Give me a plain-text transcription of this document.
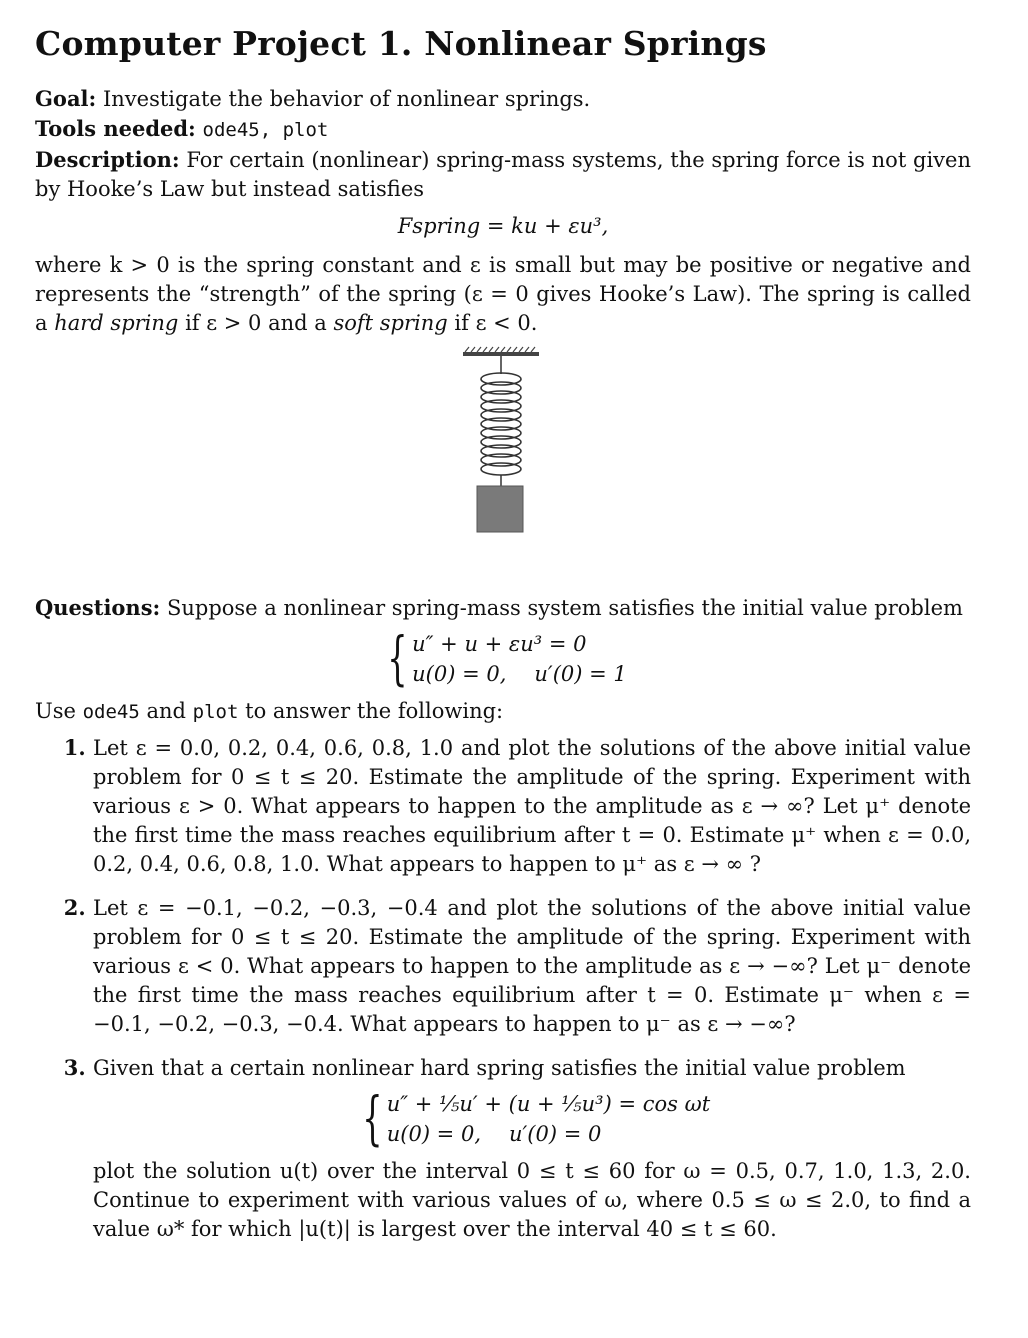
Computer Project 1. Nonlinear Springs

Goal: Investigate the behavior of nonlinear springs.

Tools needed: ode45, plot

Description: For certain (nonlinear) spring-mass systems, the spring force is not given by Hooke’s Law but instead satisfies

Fspring = ku + εu³,

where k > 0 is the spring constant and ε is small but may be positive or negative and represents the “strength” of the spring (ε = 0 gives Hooke’s Law). The spring is called a hard spring if ε > 0 and a soft spring if ε < 0.

Questions: Suppose a nonlinear spring-mass system satisfies the initial value problem

{ u″ + u + εu³ = 0
u(0) = 0, u′(0) = 1

Use ode45 and plot to answer the following:

1. Let ε = 0.0, 0.2, 0.4, 0.6, 0.8, 1.0 and plot the solutions of the above initial value problem for 0 ≤ t ≤ 20. Estimate the amplitude of the spring. Experiment with various ε > 0. What appears to happen to the amplitude as ε → ∞? Let μ⁺ denote the first time the mass reaches equilibrium after t = 0. Estimate μ⁺ when ε = 0.0, 0.2, 0.4, 0.6, 0.8, 1.0. What appears to happen to μ⁺ as ε → ∞ ?
2. Let ε = −0.1, −0.2, −0.3, −0.4 and plot the solutions of the above initial value problem for 0 ≤ t ≤ 20. Estimate the amplitude of the spring. Experiment with various ε < 0. What appears to happen to the amplitude as ε → −∞? Let μ⁻ denote the first time the mass reaches equilibrium after t = 0. Estimate μ⁻ when ε = −0.1, −0.2, −0.3, −0.4. What appears to happen to μ⁻ as ε → −∞?
3. Given that a certain nonlinear hard spring satisfies the initial value problem
{ u″ + ⅕u′ + (u + ⅕u³) = cos ωt
u(0) = 0, u′(0) = 0
plot the solution u(t) over the interval 0 ≤ t ≤ 60 for ω = 0.5, 0.7, 1.0, 1.3, 2.0. Continue to experiment with various values of ω, where 0.5 ≤ ω ≤ 2.0, to find a value ω* for which |u(t)| is largest over the interval 40 ≤ t ≤ 60.
